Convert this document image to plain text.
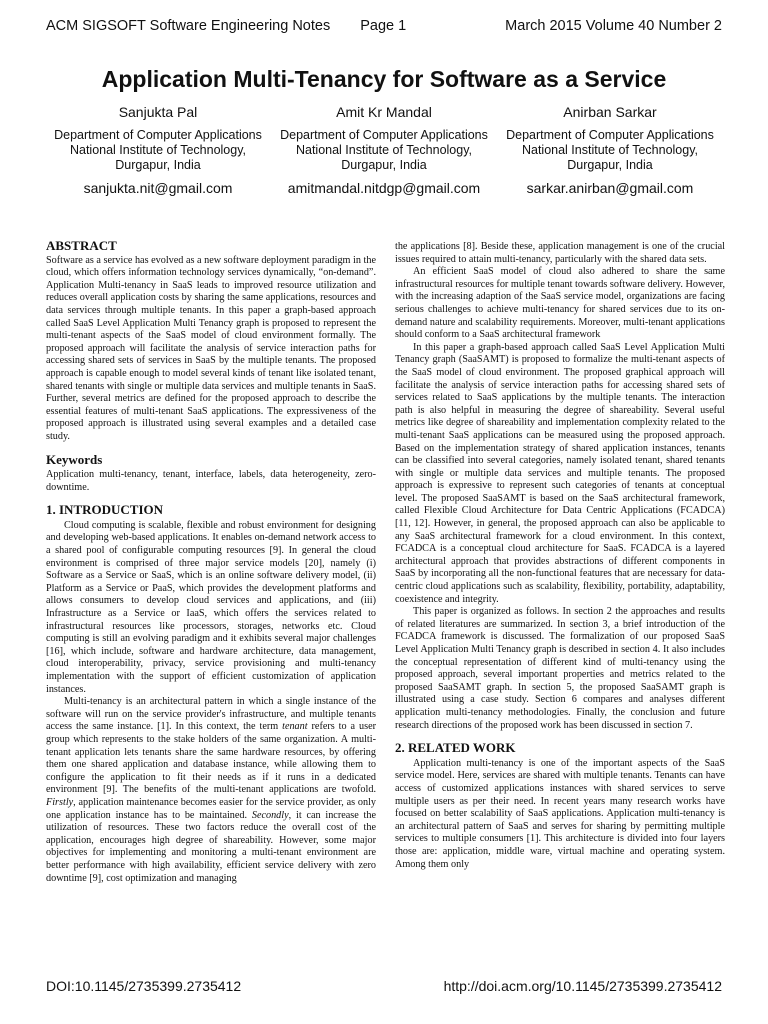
ACM SIGSOFT Software Engineering Notes Page 1	March 2015 Volume 40 Number 2
Application Multi-Tenancy for Software as a Service
Sanjukta Pal
Department of Computer Applications
National Institute of Technology,
Durgapur, India
sanjukta.nit@gmail.com
Amit Kr Mandal
Department of Computer Applications
National Institute of Technology,
Durgapur, India
amitmandal.nitdgp@gmail.com
Anirban Sarkar
Department of Computer Applications
National Institute of Technology,
Durgapur, India
sarkar.anirban@gmail.com
ABSTRACT

Software as a service has evolved as a new software deployment paradigm in the cloud, which offers information technology services dynamically, “on-demand”. Application Multi-tenancy in SaaS leads to improved resource utilization and reduces overall application costs by sharing the same applications, resources and data services through multiple tenants. In this paper a graph-based approach called SaaS Level Application Multi Tenancy graph is proposed to represent the multi-tenant aspects of the SaaS model of cloud environment formally. The proposed approach will facilitate the analysis of service interaction paths for accessing shared sets of services in SaaS by the multiple tenants. The proposed approach is capable enough to model several kinds of tenant like isolated tenant, shared tenants with single or multiple data services and multiple tenants in SaaS. Further, several metrics are defined for the proposed approach to describe the essential features of multi-tenant SaaS applications. The expressiveness of the proposed approach is illustrated using several examples and a detailed case study.

Keywords

Application multi-tenancy, tenant, interface, labels, data heterogeneity, zero-downtime.

1. INTRODUCTION

Cloud computing is scalable, flexible and robust environment for designing and developing web-based applications. It enables on-demand network access to a shared pool of configurable computing resources [9]. In general the cloud environment is comprised of three major service models [20], namely (i) Software as a Service or SaaS, which is an online software delivery model, (ii) Platform as a Service or PaaS, which provides the development platforms and allows consumers to develop cloud services and applications, and (iii) Infrastructure as a Service or IaaS, which offers the services related to infrastructural resources like processors, storages, networks etc. Cloud computing is still an evolving paradigm and it exhibits several major challenges [16], which include, software and hardware architecture, data management, cloud interoperability, privacy, service provisioning and multi-tenancy implementation with the support of efficient customization of application instances.

Multi-tenancy is an architectural pattern in which a single instance of the software will run on the service provider's infrastructure, and multiple tenants access the same instance. [1]. In this context, the term tenant refers to a user group which represents to the stake holders of the same organization. A multi-tenant application lets tenants share the same hardware resources, by offering them one shared application and database instance, while allowing them to configure the application to fit their needs as if it runs in a dedicated environment [9]. The benefits of the multi-tenant applications are twofold. Firstly, application maintenance becomes easier for the service provider, as only one application instance has to be maintained. Secondly, it can increase the utilization of resources. These two factors reduce the overall cost of the application, encourages high degree of shareability. However, some major objectives for implementing and monitoring a multi-tenant environment are better performance with high availability, efficient service delivery with zero downtime [9], cost optimization and managing

the applications [8]. Beside these, application management is one of the crucial issues required to attain multi-tenancy, particularly with the shared data sets.

An efficient SaaS model of cloud also adhered to share the same infrastructural resources for multiple tenant towards software delivery. However, with the increasing adaption of the SaaS service model, organizations are facing serious challenges to achieve multi-tenancy for shared services due to its on-demand nature and scalability requirements. Moreover, multi-tenant applications should conform to a SaaS architectural framework

In this paper a graph-based approach called SaaS Level Application Multi Tenancy graph (SaaSAMT) is proposed to formalize the multi-tenant aspects of the SaaS model of cloud environment. The proposed graphical approach will facilitate the analysis of service interaction paths for accessing shared sets of services related to SaaS applications by the multiple tenants. The interaction path is also helpful in measuring the degree of shareability. Several useful metrics like degree of shareability and implementation complexity related to the multi-tenant SaaS applications can be measured using the proposed approach. Based on the implementation strategy of shared application instances, tenants can be classified into several categories, namely isolated tenant, shared tenants with single or multiple data services and multiple tenants. The proposed approach is expressive to represent such categories of tenants at conceptual level. The proposed SaaSAMT is based on the SaaS architectural framework, called Flexible Cloud Architecture for Data Centric Applications (FCADCA) [11, 12]. However, in general, the proposed approach can also be applicable to any SaaS architectural framework for a cloud environment. In this context, FCADCA is a conceptual cloud architecture for SaaS. FCADCA is a layered architectural approach that provides abstractions of different components in SaaS by incorporating all the non-functional features that are necessary for data-centric cloud applications such as scalability, flexibility, portability, adaptability, coexistence and integrity.

This paper is organized as follows. In section 2 the approaches and results of related literatures are summarized. In section 3, a brief introduction of the FCADCA framework is discussed. The formalization of our proposed SaaS Level Application Multi Tenancy graph is described in section 4. It also includes the conceptual representation of different kind of multi-tenancy using the proposed approach, several important properties and metrics related to the proposed SaaSAMT graph. In section 5, the proposed SaaSAMT graph is illustrated using a case study. Section 6 compares and analyses different application multi-tenancy methodologies. Finally, the conclusion and future research directions of the proposed work has been discussed in section 7.

2. RELATED WORK

Application multi-tenancy is one of the important aspects of the SaaS service model. Here, services are shared with multiple tenants. Tenants can have access of customized applications instances with shared services to serve multiple users as per their need. In recent years many research works have focused on better scalability of SaaS applications. Application multi-tenancy is an architectural pattern of SaaS and serves for sharing by permitting multiple services to multiple consumers [1]. This architecture is divided into four layers those are: application, middle ware, virtual machine and operating system. Among them only

DOI:10.1145/2735399.2735412	http://doi.acm.org/10.1145/2735399.2735412
